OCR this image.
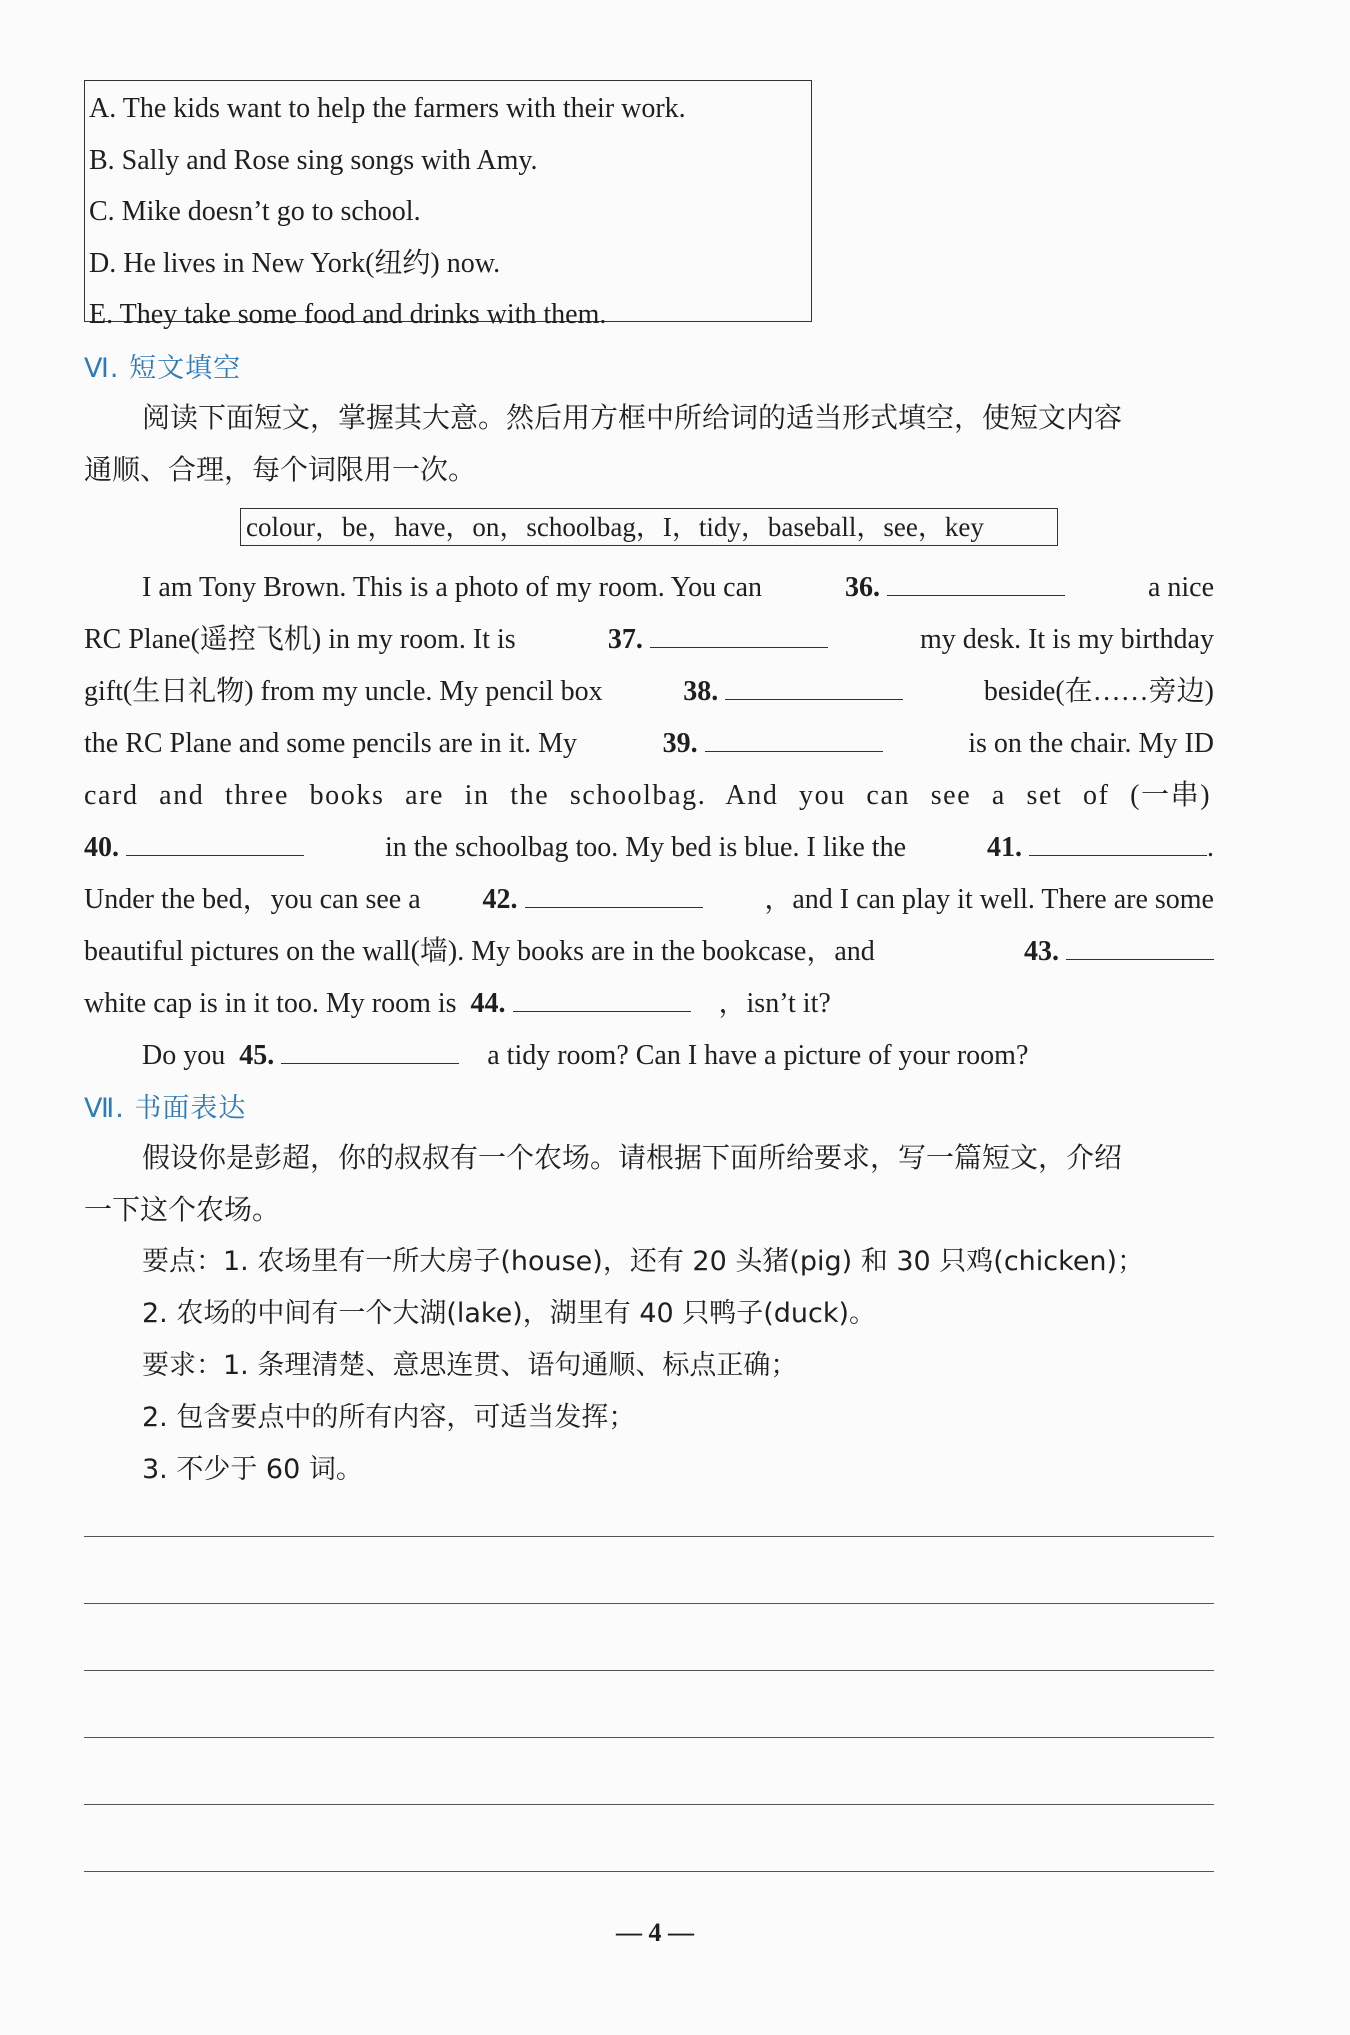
A. The kids want to help the farmers with their work.
B. Sally and Rose sing songs with Amy.
C. Mike doesn’t go to school.
D. He lives in New York(纽约) now.
E. They take some food and drinks with them.
Ⅵ. 短文填空
阅读下面短文，掌握其大意。然后用方框中所给词的适当形式填空，使短文内容
通顺、合理，每个词限用一次。
colour，be，have，on，schoolbag，I，tidy，baseball，see，key
I am Tony Brown. This is a photo of my room. You can	36.	a nice
RC Plane(遥控飞机) in my room. It is	37.	my desk. It is my birthday
gift(生日礼物) from my uncle. My pencil box	38.	beside(在……旁边)
the RC Plane and some pencils are in it. My	39.	is on the chair. My ID
card and three books are in the schoolbag. And you can see a set of (一串)
40.	in the schoolbag too. My bed is blue. I like the	41.	.
Under the bed，you can see a 42.	，and I can play it well. There are some
beautiful pictures on the wall(墙). My books are in the bookcase，and	43.
white cap is in it too. My room is 44.	，isn’t it?
Do you 45.	a tidy room? Can I have a picture of your room?
Ⅶ. 书面表达
假设你是彭超，你的叔叔有一个农场。请根据下面所给要求，写一篇短文，介绍
一下这个农场。
要点：1. 农场里有一所大房子(house)，还有 20 头猪(pig) 和 30 只鸡(chicken)；
2. 农场的中间有一个大湖(lake)，湖里有 40 只鸭子(duck)。
要求：1. 条理清楚、意思连贯、语句通顺、标点正确；
2. 包含要点中的所有内容，可适当发挥；
3. 不少于 60 词。
— 4 —
